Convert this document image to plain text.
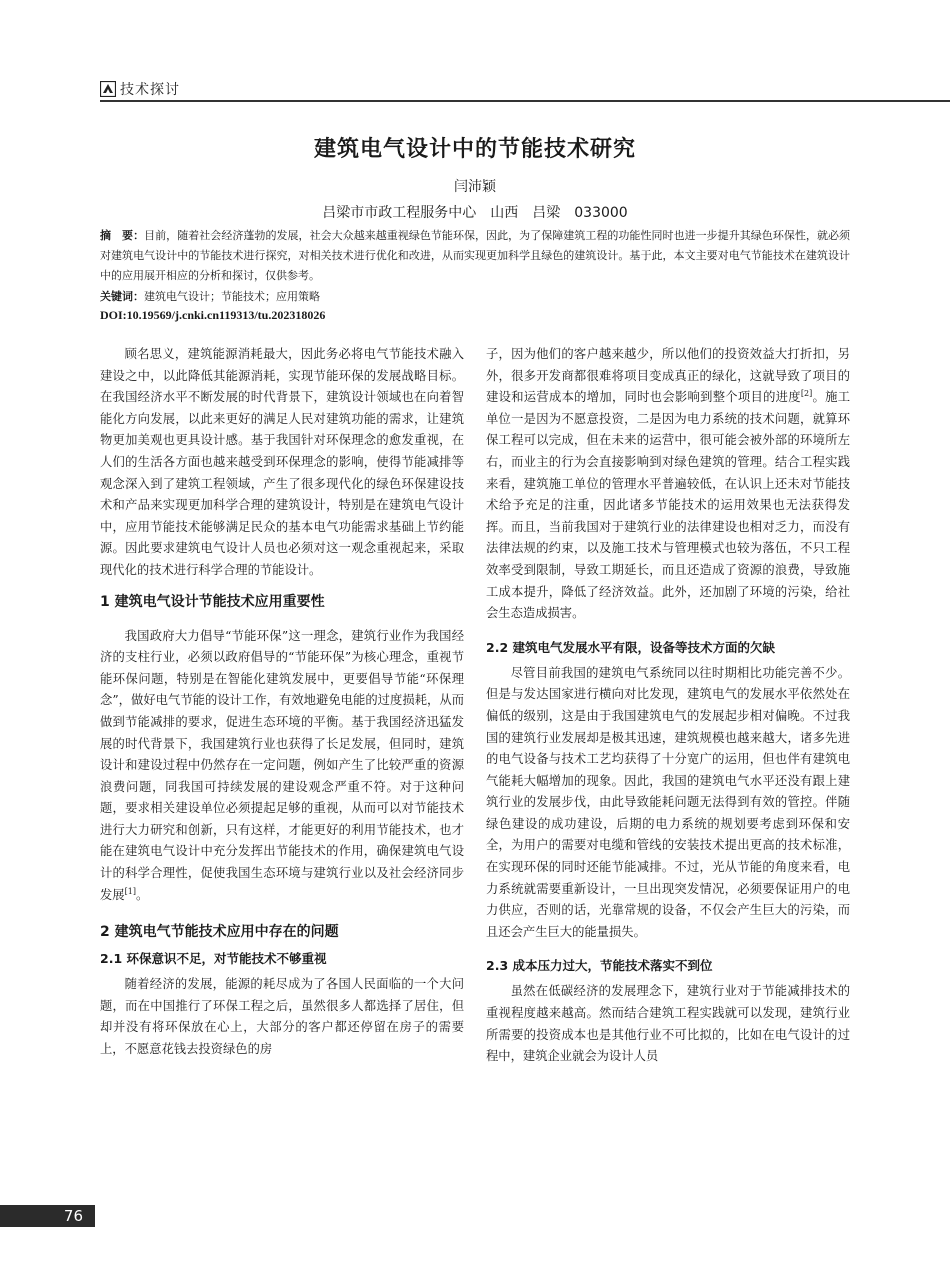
技术探讨
建筑电气设计中的节能技术研究
闫沛颖
吕梁市市政工程服务中心　山西　吕梁　033000
摘　要：目前，随着社会经济蓬勃的发展，社会大众越来越重视绿色节能环保，因此，为了保障建筑工程的功能性同时也进一步提升其绿色环保性，就必须对建筑电气设计中的节能技术进行探究，对相关技术进行优化和改进，从而实现更加科学且绿色的建筑设计。基于此，本文主要对电气节能技术在建筑设计中的应用展开相应的分析和探讨，仅供参考。
关键词：建筑电气设计；节能技术；应用策略
DOI:10.19569/j.cnki.cn119313/tu.202318026

顾名思义，建筑能源消耗最大，因此务必将电气节能技术融入建设之中，以此降低其能源消耗，实现节能环保的发展战略目标。在我国经济水平不断发展的时代背景下，建筑设计领域也在向着智能化方向发展，以此来更好的满足人民对建筑功能的需求，让建筑物更加美观也更具设计感。基于我国针对环保理念的愈发重视，在人们的生活各方面也越来越受到环保理念的影响，使得节能减排等观念深入到了建筑工程领域，产生了很多现代化的绿色环保建设技术和产品来实现更加科学合理的建筑设计，特别是在建筑电气设计中，应用节能技术能够满足民众的基本电气功能需求基础上节约能源。因此要求建筑电气设计人员也必须对这一观念重视起来，采取现代化的技术进行科学合理的节能设计。

1 建筑电气设计节能技术应用重要性

我国政府大力倡导“节能环保”这一理念，建筑行业作为我国经济的支柱行业，必须以政府倡导的“节能环保”为核心理念，重视节能环保问题，特别是在智能化建筑发展中，更要倡导节能“环保理念”，做好电气节能的设计工作，有效地避免电能的过度损耗，从而做到节能减排的要求，促进生态环境的平衡。基于我国经济迅猛发展的时代背景下，我国建筑行业也获得了长足发展，但同时，建筑设计和建设过程中仍然存在一定问题，例如产生了比较严重的资源浪费问题，同我国可持续发展的建设观念严重不符。对于这种问题，要求相关建设单位必须提起足够的重视，从而可以对节能技术进行大力研究和创新，只有这样，才能更好的利用节能技术，也才能在建筑电气设计中充分发挥出节能技术的作用，确保建筑电气设计的科学合理性，促使我国生态环境与建筑行业以及社会经济同步发展[1]。

2 建筑电气节能技术应用中存在的问题
2.1 环保意识不足，对节能技术不够重视

随着经济的发展，能源的耗尽成为了各国人民面临的一个大问题，而在中国推行了环保工程之后，虽然很多人都选择了居住，但却并没有将环保放在心上，大部分的客户都还停留在房子的需要上，不愿意花钱去投资绿色的房

子，因为他们的客户越来越少，所以他们的投资效益大打折扣，另外，很多开发商都很难将项目变成真正的绿化，这就导致了项目的建设和运营成本的增加，同时也会影响到整个项目的进度[2]。施工单位一是因为不愿意投资，二是因为电力系统的技术问题，就算环保工程可以完成，但在未来的运营中，很可能会被外部的环境所左右，而业主的行为会直接影响到对绿色建筑的管理。结合工程实践来看，建筑施工单位的管理水平普遍较低，在认识上还未对节能技术给予充足的注重，因此诸多节能技术的运用效果也无法获得发挥。而且，当前我国对于建筑行业的法律建设也相对乏力，而没有法律法规的约束，以及施工技术与管理模式也较为落伍，不只工程效率受到限制，导致工期延长，而且还造成了资源的浪费，导致施工成本提升，降低了经济效益。此外，还加剧了环境的污染，给社会生态造成损害。

2.2 建筑电气发展水平有限，设备等技术方面的欠缺

尽管目前我国的建筑电气系统同以往时期相比功能完善不少。但是与发达国家进行横向对比发现，建筑电气的发展水平依然处在偏低的级别，这是由于我国建筑电气的发展起步相对偏晚。不过我国的建筑行业发展却是极其迅速，建筑规模也越来越大，诸多先进的电气设备与技术工艺均获得了十分宽广的运用，但也伴有建筑电气能耗大幅增加的现象。因此，我国的建筑电气水平还没有跟上建筑行业的发展步伐，由此导致能耗问题无法得到有效的管控。伴随绿色建设的成功建设，后期的电力系统的规划要考虑到环保和安全，为用户的需要对电缆和管线的安装技术提出更高的技术标准，在实现环保的同时还能节能减排。不过，光从节能的角度来看，电力系统就需要重新设计，一旦出现突发情况，必须要保证用户的电力供应，否则的话，光靠常规的设备，不仅会产生巨大的污染，而且还会产生巨大的能量损失。

2.3 成本压力过大，节能技术落实不到位

虽然在低碳经济的发展理念下，建筑行业对于节能减排技术的重视程度越来越高。然而结合建筑工程实践就可以发现，建筑行业所需要的投资成本也是其他行业不可比拟的，比如在电气设计的过程中，建筑企业就会为设计人员

76
